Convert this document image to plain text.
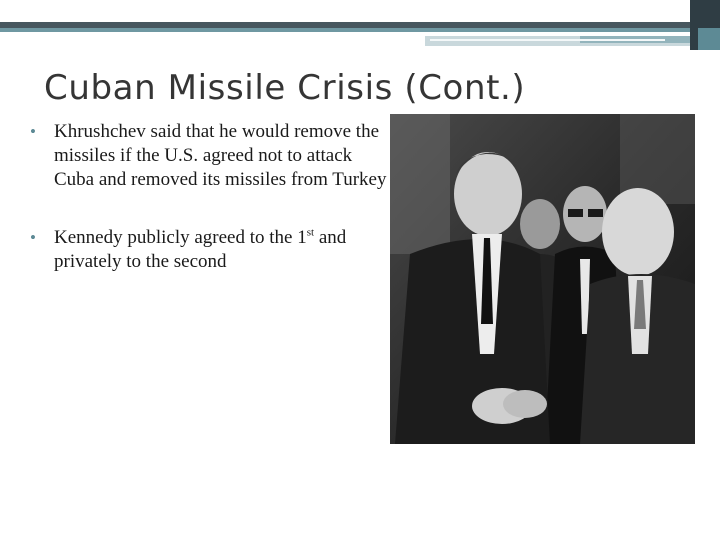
Cuban Missile Crisis (Cont.)
• Khrushchev said that he would remove the missiles if the U.S. agreed not to attack Cuba and removed its missiles from Turkey
• Kennedy publicly agreed to the 1st and privately to the second
